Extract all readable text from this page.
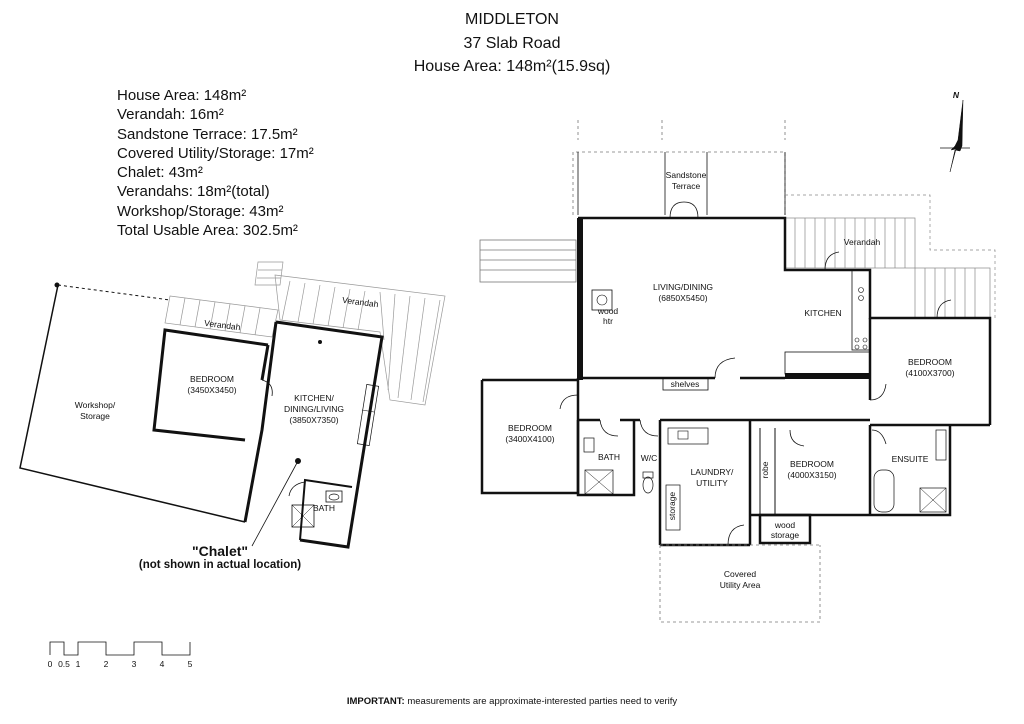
MIDDLETON
37 Slab Road
House Area: 148m²(15.9sq)
House Area: 148m²
Verandah: 16m²
Sandstone Terrace: 17.5m²
Covered Utility/Storage: 17m²
Chalet: 43m²
Verandahs: 18m²(total)
Workshop/Storage: 43m²
Total Usable Area: 302.5m²
N
Workshop/
Storage
Verandah
Verandah
BEDROOM
(3450X3450)
KITCHEN/
DINING/LIVING
(3850X7350)
BATH
Sandstone
Terrace
Verandah
LIVING/DINING
(6850X5450)
wood
htr
KITCHEN
BEDROOM
(4100X3700)
shelves
BEDROOM
(3400X4100)
BATH W/C
LAUNDRY/
UTILITY
storage
robe BEDROOM
(4000X3150)
ENSUITE
wood
storage
Covered
Utility Area
0 0.5 1	2	3	4	5
"Chalet"
(not shown in actual location)
IMPORTANT: measurements are approximate-interested parties need to verify
